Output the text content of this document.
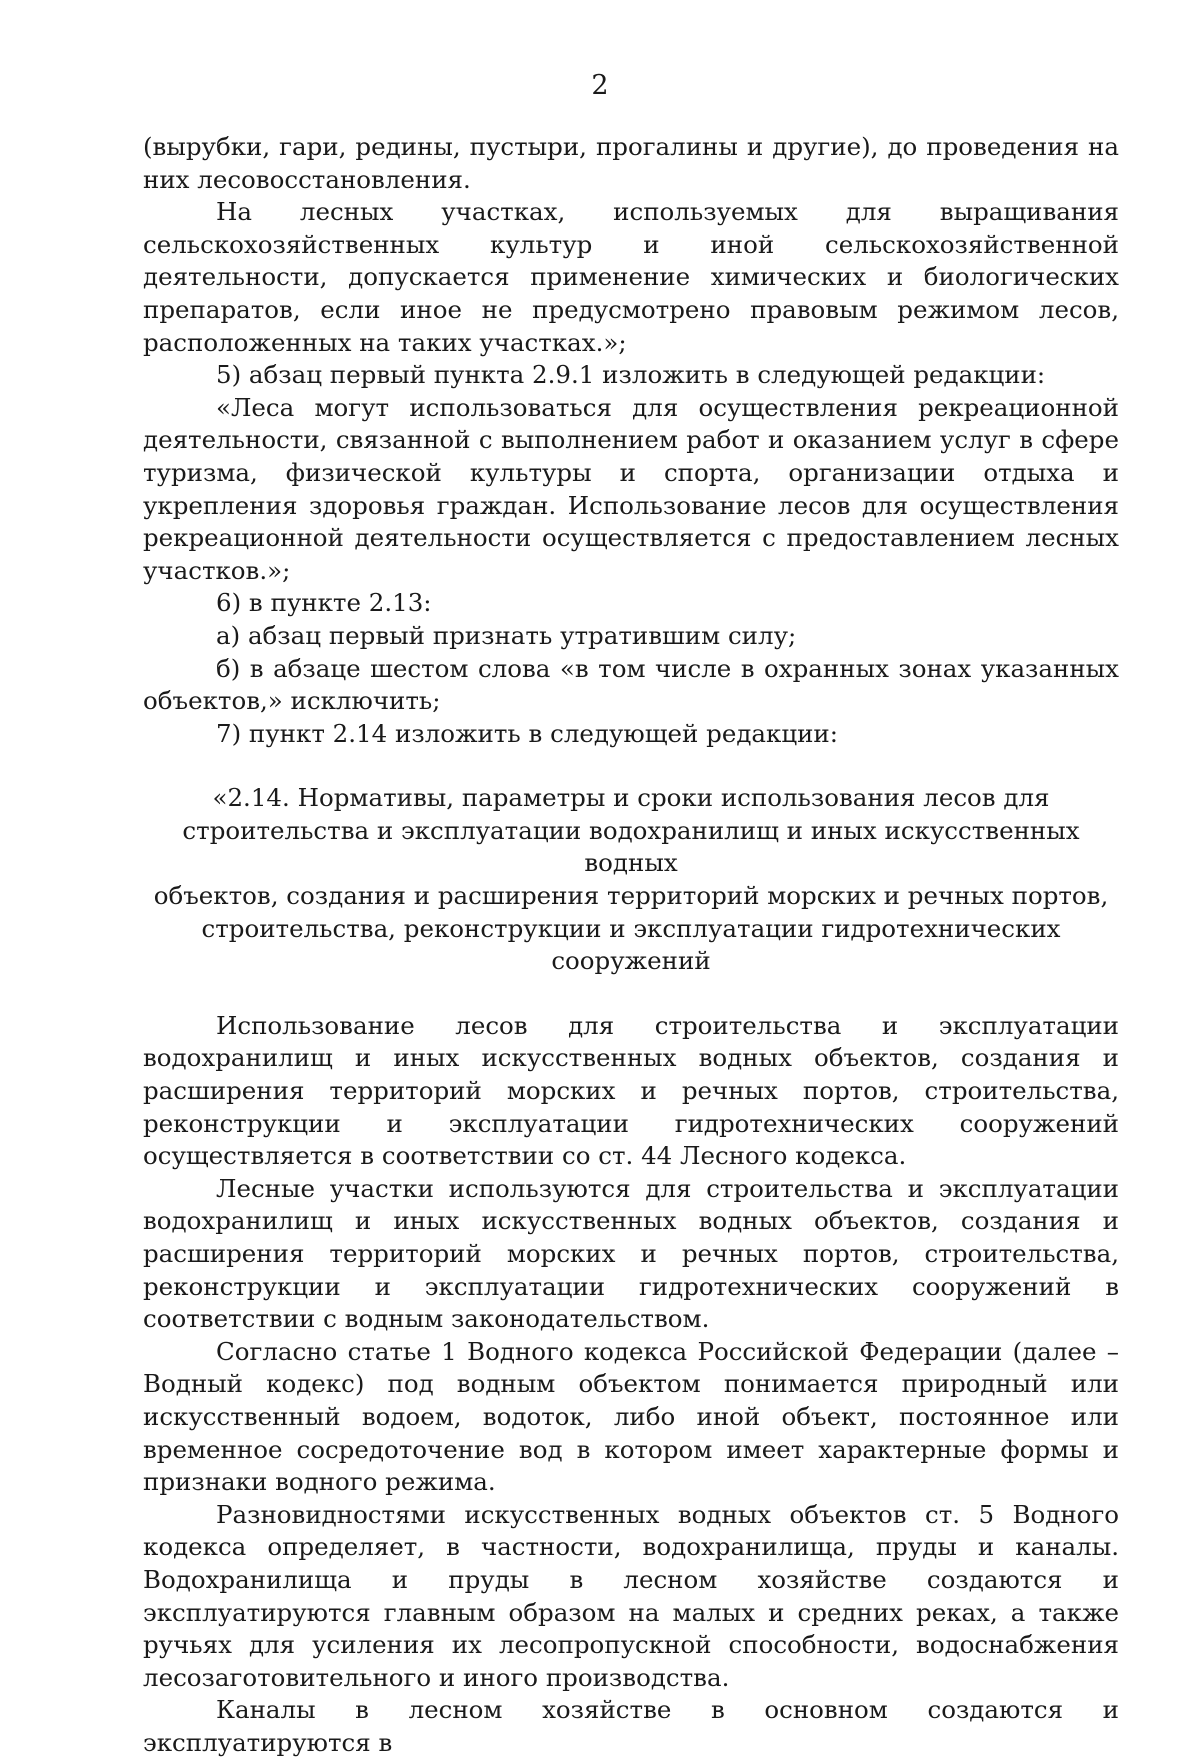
2

(вырубки, гари, редины, пустыри, прогалины и другие), до проведения на них лесовосстановления.

На лесных участках, используемых для выращивания сельскохозяйственных культур и иной сельскохозяйственной деятельности, допускается применение химических и биологических препаратов, если иное не предусмотрено правовым режимом лесов, расположенных на таких участках.»;

5) абзац первый пункта 2.9.1 изложить в следующей редакции:

«Леса могут использоваться для осуществления рекреационной деятельности, связанной с выполнением работ и оказанием услуг в сфере туризма, физической культуры и спорта, организации отдыха и укрепления здоровья граждан. Использование лесов для осуществления рекреационной деятельности осуществляется с предоставлением лесных участков.»;

6) в пункте 2.13:

а) абзац первый признать утратившим силу;

б) в абзаце шестом слова «в том числе в охранных зонах указанных объектов,» исключить;

7) пункт 2.14 изложить в следующей редакции:

«2.14. Нормативы, параметры и сроки использования лесов для
строительства и эксплуатации водохранилищ и иных искусственных водных
объектов, создания и расширения территорий морских и речных портов,
строительства, реконструкции и эксплуатации гидротехнических сооружений

Использование лесов для строительства и эксплуатации водохранилищ и иных искусственных водных объектов, создания и расширения территорий морских и речных портов, строительства, реконструкции и эксплуатации гидротехнических сооружений осуществляется в соответствии со ст. 44 Лесного кодекса.

Лесные участки используются для строительства и эксплуатации водохранилищ и иных искусственных водных объектов, создания и расширения территорий морских и речных портов, строительства, реконструкции и эксплуатации гидротехнических сооружений в соответствии с водным законодательством.

Согласно статье 1 Водного кодекса Российской Федерации (далее – Водный кодекс) под водным объектом понимается природный или искусственный водоем, водоток, либо иной объект, постоянное или временное сосредоточение вод в котором имеет характерные формы и признаки водного режима.

Разновидностями искусственных водных объектов ст. 5 Водного кодекса определяет, в частности, водохранилища, пруды и каналы. Водохранилища и пруды в лесном хозяйстве создаются и эксплуатируются главным образом на малых и средних реках, а также ручьях для усиления их лесопропускной способности, водоснабжения лесозаготовительного и иного производства.

Каналы в лесном хозяйстве в основном создаются и эксплуатируются в
